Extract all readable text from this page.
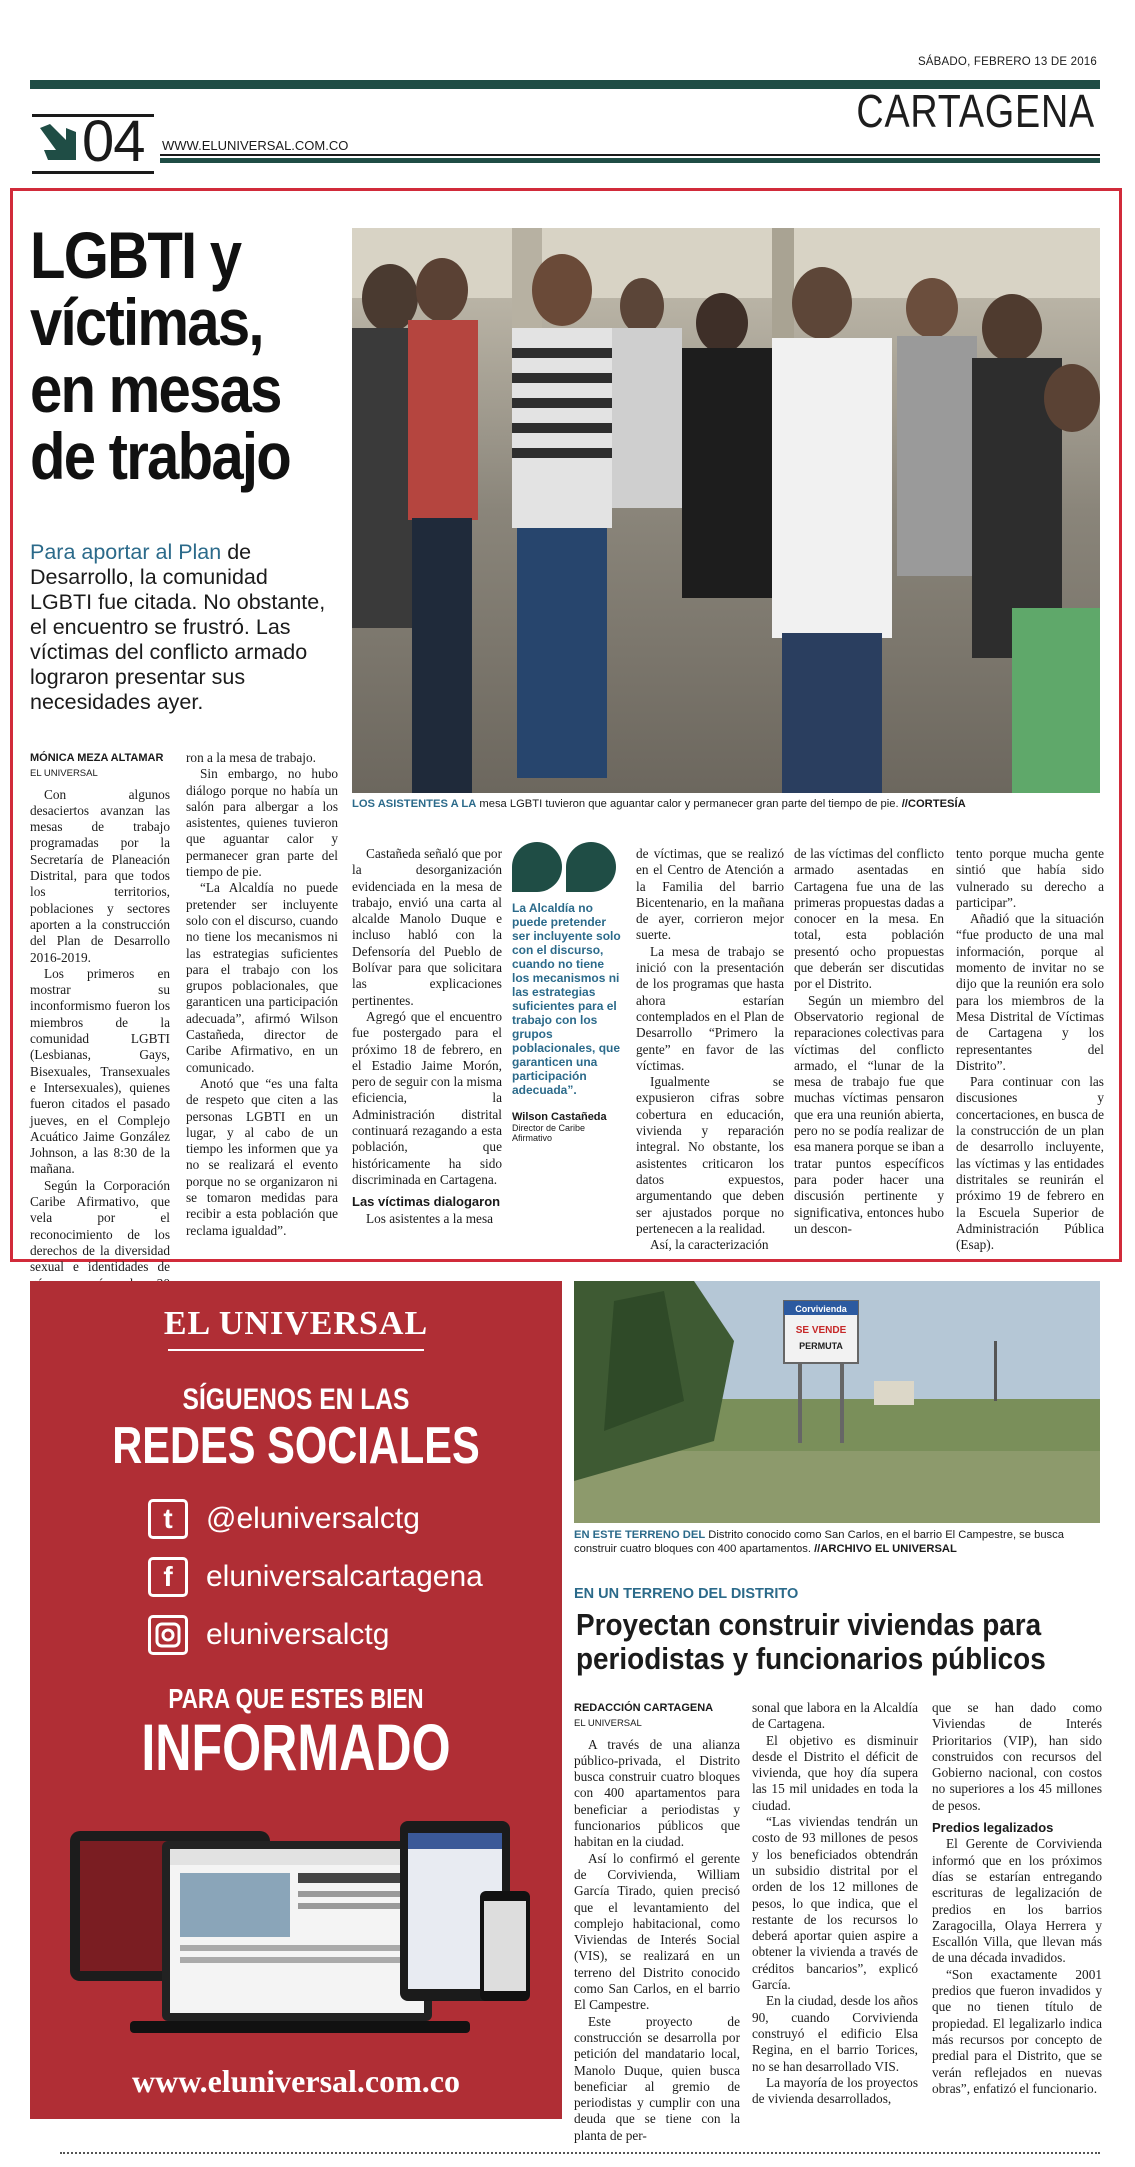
SÁBADO, FEBRERO 13 DE 2016
CARTAGENA
04 WWW.ELUNIVERSAL.COM.CO
LGBTI y víctimas, en mesas de trabajo
Para aportar al Plan de Desarrollo, la comunidad LGBTI fue citada. No obstante, el encuentro se frustró. Las víctimas del conflicto armado lograron presentar sus necesidades ayer.
LOS ASISTENTES A LA mesa LGBTI tuvieron que aguantar calor y permanecer gran parte del tiempo de pie. //CORTESÍA

MÓNICA MEZA ALTAMAR

EL UNIVERSAL

Con algunos desaciertos avanzan las mesas de trabajo programadas por la Secretaría de Planeación Distrital, para que todos los territorios, poblaciones y sectores aporten a la construcción del Plan de Desarrollo 2016-2019.

Los primeros en mostrar su inconformismo fueron los miembros de la comunidad LGBTI (Lesbianas, Gays, Bisexuales, Transexuales e Intersexuales), quienes fueron citados el pasado jueves, en el Complejo Acuático Jaime González Johnson, a las 8:30 de la mañana.

Según la Corporación Caribe Afirmativo, que vela por el reconocimiento de los derechos de la diversidad sexual e identidades de

ron a la mesa de trabajo.

Sin embargo, no hubo diálogo porque no había un salón para albergar a los asistentes, quienes tuvieron que aguantar calor y permanecer gran parte del tiempo de pie.

“La Alcaldía no puede pretender ser incluyente solo con el discurso, cuando no tiene los mecanismos ni las estrategias suficientes para el trabajo con los grupos poblacionales, que garanticen una participación adecuada”, afirmó Wilson Castañeda, director de Caribe Afirmativo, en un comunicado.

Anotó que “es una falta de respeto que citen a las personas LGBTI en un lugar, y al cabo de un tiempo les informen que ya no se realizará el evento porque no se organizaron ni se tomaron medidas para recibir a esta población que reclama igualdad”.

Castañeda señaló que por la desorganización evidenciada en la mesa de trabajo, envió una carta al alcalde Manolo Duque e incluso habló con la Defensoría del Pueblo de Bolívar para que solicitara las explicaciones pertinentes.

Agregó que el encuentro fue postergado para el próximo 18 de febrero, en el Estadio Jaime Morón, pero de seguir con la misma eficiencia, la Administración distrital continuará rezagando a esta población, que históricamente ha sido discriminada en Cartagena.

Las víctimas dialogaron

Los asistentes a la mesa

La Alcaldía no puede pretender ser incluyente solo con el discurso, cuando no tiene los mecanismos ni las estrategias suficientes para el trabajo con los grupos poblacionales, que garanticen una participación adecuada”.
Wilson Castañeda
Director de Caribe Afirmativo

de víctimas, que se realizó en el Centro de Atención a la Familia del barrio Bicentenario, en la mañana de ayer, corrieron mejor suerte.

La mesa de trabajo se inició con la presentación de los programas que hasta ahora estarían contemplados en el Plan de Desarrollo “Primero la gente” en favor de las víctimas.

Igualmente se expusieron cifras sobre cobertura en educación, vivienda y reparación integral. No obstante, los asistentes criticaron los datos expuestos, argumentando que deben ser ajustados porque no pertenecen a la realidad.

Así, la caracterización

de las víctimas del conflicto armado asentadas en Cartagena fue una de las primeras propuestas dadas a conocer en la mesa. En total, esta población presentó ocho propuestas que deberán ser discutidas por el Distrito.

Según un miembro del Observatorio regional de reparaciones colectivas para víctimas del conflicto armado, el “lunar de la mesa de trabajo fue que muchas víctimas pensaron que era una reunión abierta, pero no se podía realizar de esa manera porque se iban a tratar puntos específicos para poder hacer una discusión pertinente y significativa, entonces hubo un descon-

tento porque mucha gente sintió que había sido vulnerado su derecho a participar”.

Añadió que la situación “fue producto de una mal información, porque al momento de invitar no se dijo que la reunión era solo para los miembros de la Mesa Distrital de Víctimas de Cartagena y los representantes del Distrito”.

Para continuar con las discusiones y concertaciones, en busca de la construcción de un plan de desarrollo incluyente, las víctimas y las entidades distritales se reunirán el próximo 19 de febrero en la Escuela Superior de Administración Pública (Esap).

EL UNIVERSAL
SÍGUENOS EN LAS
REDES SOCIALES
t	@eluniversalctg
f	eluniversalcartagena
eluniversalctg
PARA QUE ESTES BIEN
INFORMADO
www.eluniversal.com.co
Corvivienda
SE VENDE
PERMUTA
EN ESTE TERRENO DEL Distrito conocido como San Carlos, en el barrio El Campestre, se busca construir cuatro bloques con 400 apartamentos. //ARCHIVO EL UNIVERSAL
EN UN TERRENO DEL DISTRITO
Proyectan construir viviendas para periodistas y funcionarios públicos

REDACCIÓN CARTAGENA

EL UNIVERSAL

A través de una alianza público-privada, el Distrito busca construir cuatro bloques con 400 apartamentos para beneficiar a periodistas y funcionarios públicos que habitan en la ciudad.

Así lo confirmó el gerente de Corvivienda, William García Tirado, quien precisó que el levantamiento del complejo habitacional, como Viviendas de Interés Social (VIS), se realizará en un terreno del Distrito conocido como San Carlos, en el barrio El Campestre.

Este proyecto de construcción se desarrolla por petición del mandatario local, Manolo Duque, quien busca beneficiar al gremio de periodistas y cumplir con una deuda que se tiene con la planta de per-

sonal que labora en la Alcaldía de Cartagena.

El objetivo es disminuir desde el Distrito el déficit de vivienda, que hoy día supera las 15 mil unidades en toda la ciudad.

“Las viviendas tendrán un costo de 93 millones de pesos y los beneficiados obtendrán un subsidio distrital por el orden de los 12 millones de pesos, lo que indica, que el restante de los recursos lo deberá aportar quien aspire a obtener la vivienda a través de créditos bancarios”, explicó García.

En la ciudad, desde los años 90, cuando Corvivienda construyó el edificio Elsa Regina, en el barrio Torices, no se han desarrollado VIS.

La mayoría de los proyectos de vivienda desarrollados,

que se han dado como Viviendas de Interés Prioritarios (VIP), han sido construidos con recursos del Gobierno nacional, con costos no superiores a los 45 millones de pesos.

Predios legalizados

El Gerente de Corvivienda informó que en los próximos días se estarían entregando escrituras de legalización de predios en los barrios Zaragocilla, Olaya Herrera y Escallón Villa, que llevan más de una década invadidos.

“Son exactamente 2001 predios que fueron invadidos y que no tienen título de propiedad. El legalizarlo indica más recursos por concepto de predial para el Distrito, que se verán reflejados en nuevas obras”, enfatizó el funcionario.
